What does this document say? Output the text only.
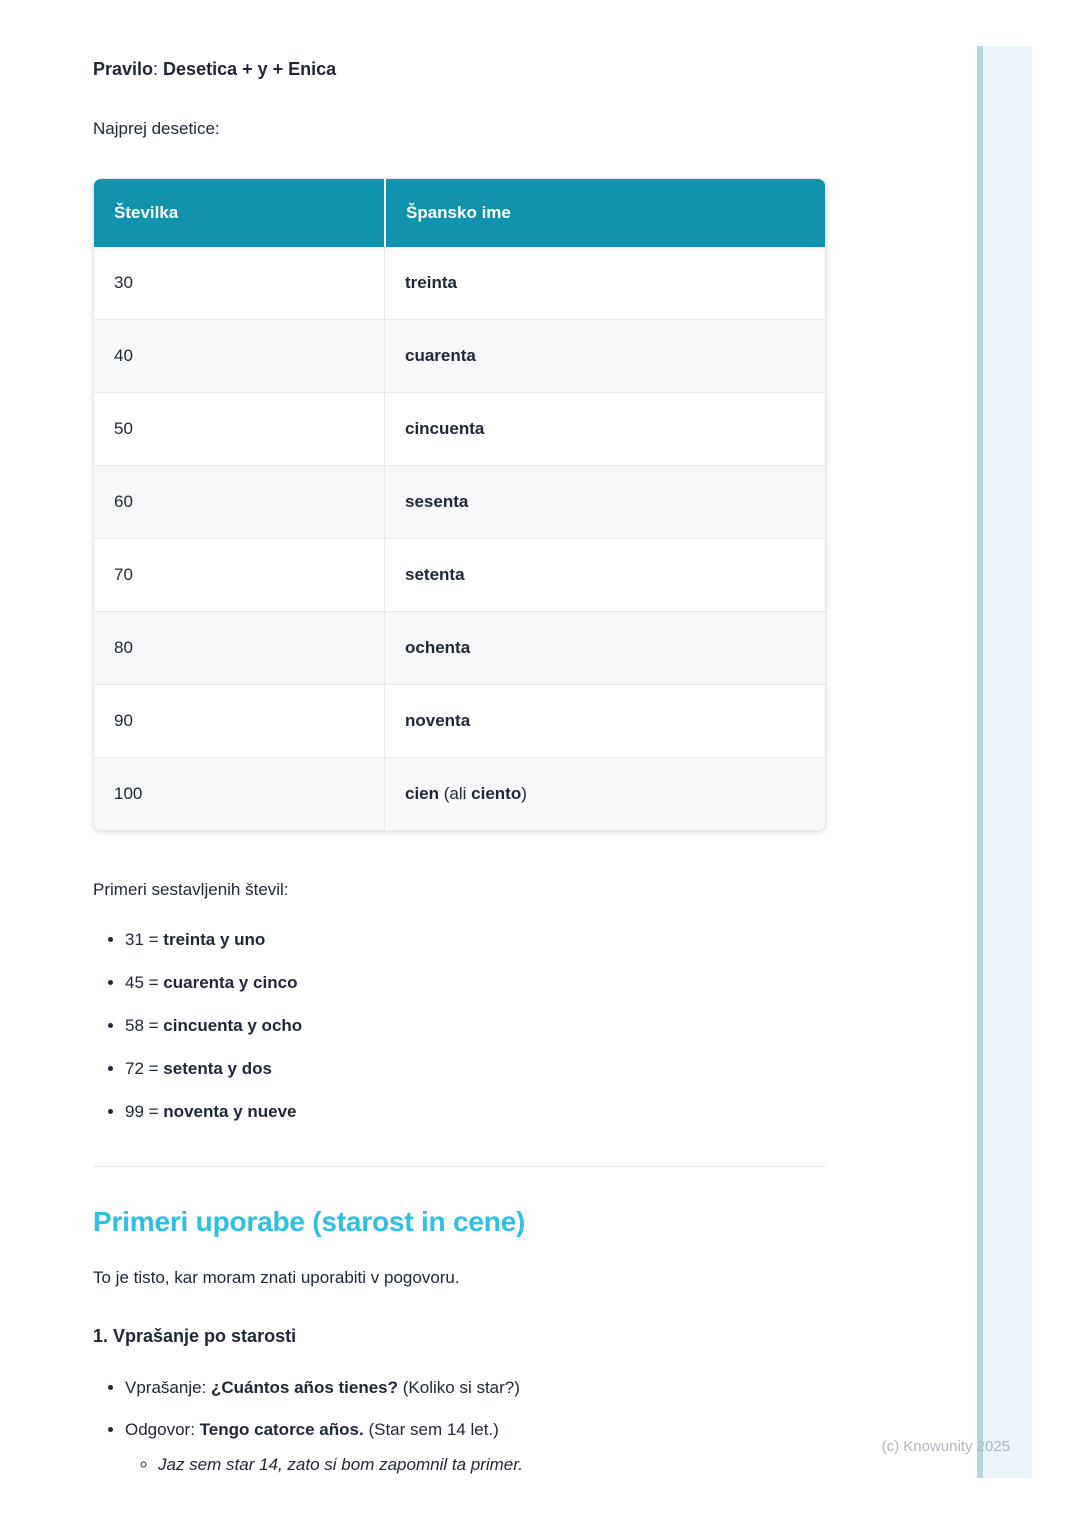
Pravilo: Desetica + y + Enica

Najprej desetice:

Številka	Špansko ime
30	treinta
40	cuarenta
50	cincuenta
60	sesenta
70	setenta
80	ochenta
90	noventa
100	cien (ali ciento)

Primeri sestavljenih števil:

• 31 = treinta y uno
• 45 = cuarenta y cinco
• 58 = cincuenta y ocho
• 72 = setenta y dos
• 99 = noventa y nueve
Primeri uporabe (starost in cene)

To je tisto, kar moram znati uporabiti v pogovoru.

1. Vprašanje po starosti
• Vprašanje: ¿Cuántos años tienes? (Koliko si star?)
• Odgovor: Tengo catorce años. (Star sem 14 let.)
◦ Jaz sem star 14, zato si bom zapomnil ta primer.
(c) Knowunity 2025
